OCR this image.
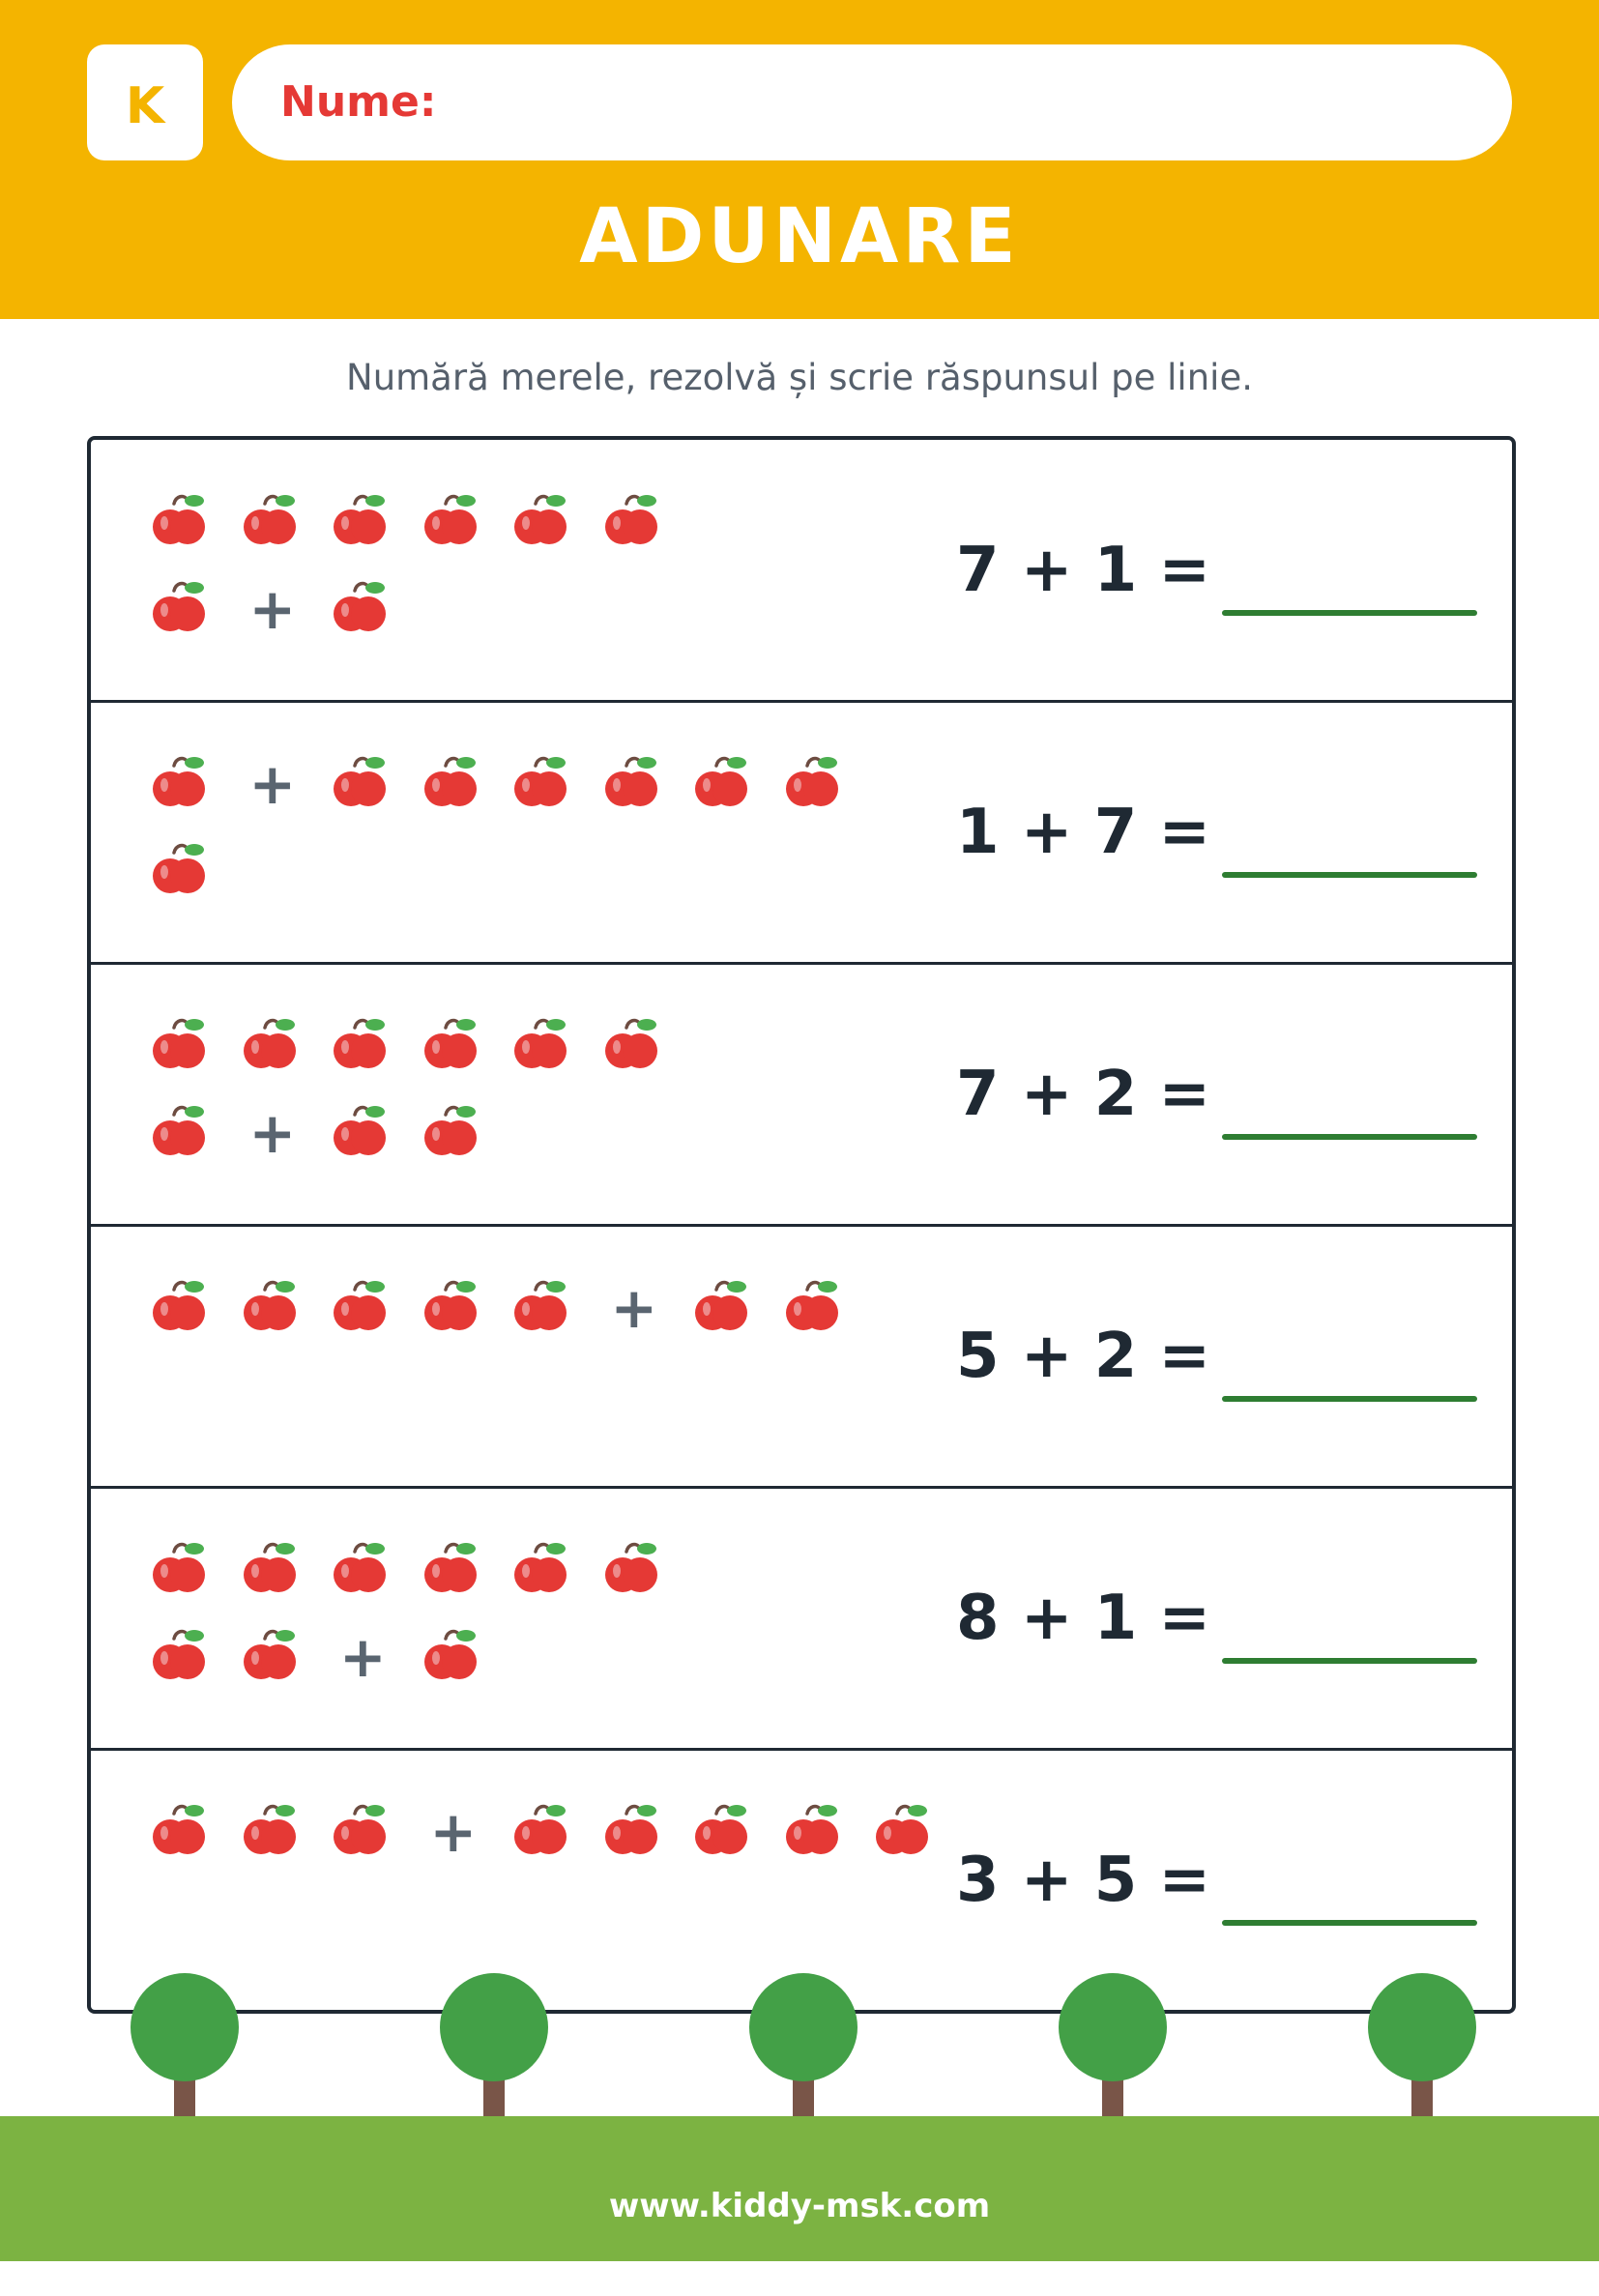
K	Nume:
ADUNARE
Numără merele, rezolvă și scrie răspunsul pe linie.
+
7 + 1 =
+
1 + 7 =
+
7 + 2 =
+
5 + 2 =
+
8 + 1 =
+
3 + 5 =
www.kiddy-msk.com
